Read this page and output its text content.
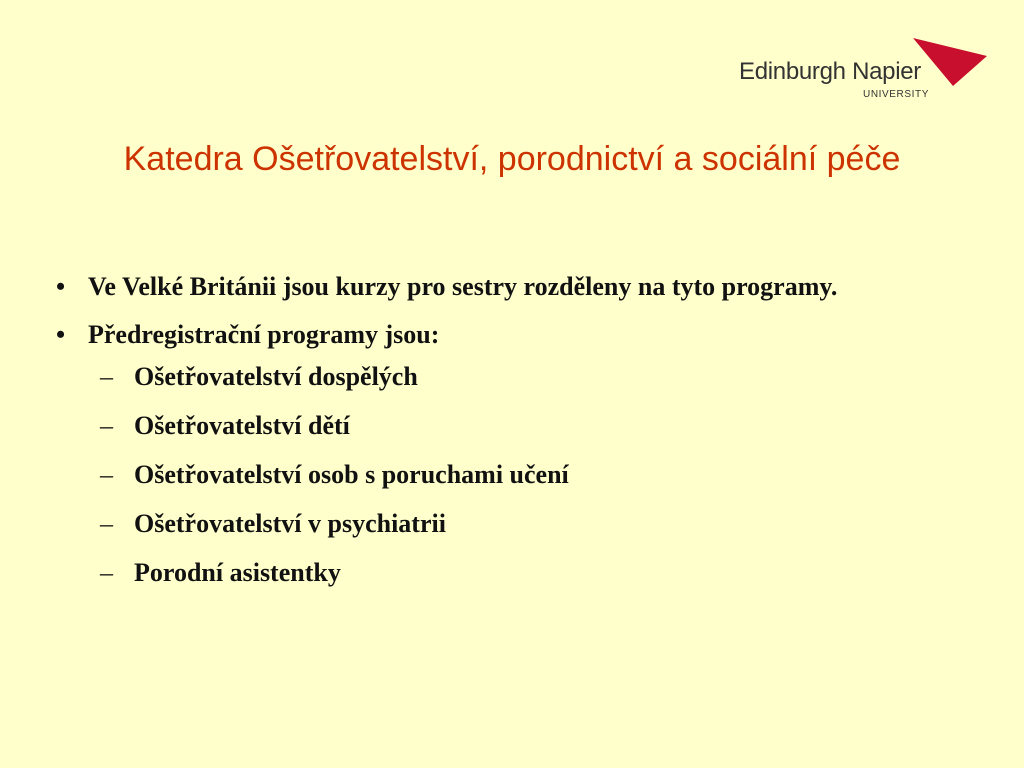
Edinburgh Napier
UNIVERSITY
Katedra Ošetřovatelství, porodnictví a sociální péče
• Ve Velké Británii jsou kurzy pro sestry rozděleny na tyto programy.
• Předregistrační programy jsou:
– Ošetřovatelství dospělých
– Ošetřovatelství dětí
– Ošetřovatelství osob s poruchami učení
– Ošetřovatelství v psychiatrii
– Porodní asistentky
